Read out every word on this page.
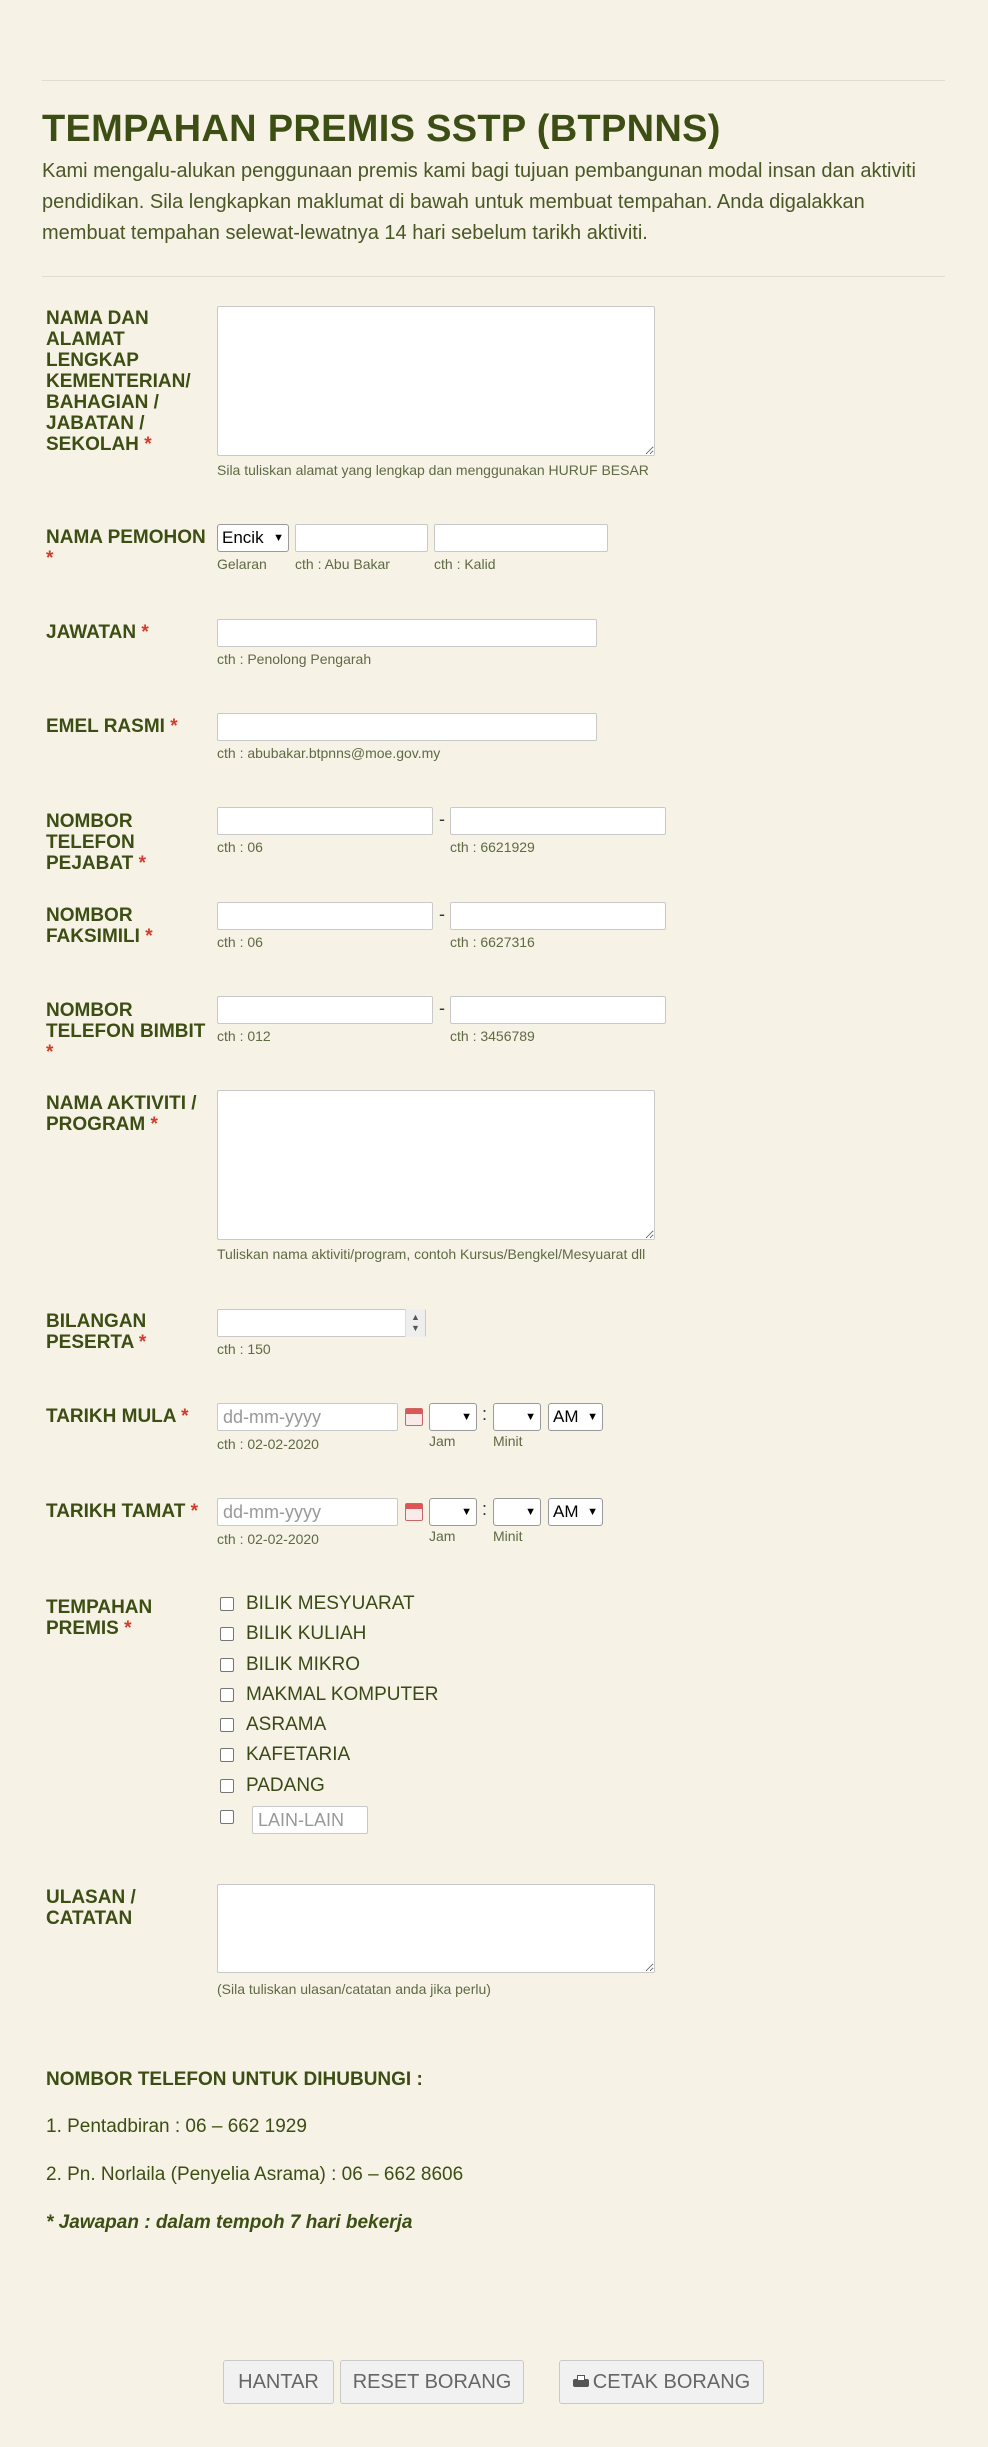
TEMPAHAN PREMIS SSTP (BTPNNS)

Kami mengalu-alukan penggunaan premis kami bagi tujuan pembangunan modal insan dan aktiviti pendidikan. Sila lengkapkan maklumat di bawah untuk membuat tempahan. Anda digalakkan membuat tempahan selewat-lewatnya 14 hari sebelum tarikh aktiviti.

NAMA DAN ALAMAT LENGKAP KEMENTERIAN/ BAHAGIAN / JABATAN / SEKOLAH *
Sila tuliskan alamat yang lengkap dan menggunakan HURUF BESAR
NAMA PEMOHON *
Encik ▼
Gelaran cth : Abu Bakar	cth : Kalid
JAWATAN *
cth : Penolong Pengarah
EMEL RASMI *
cth : abubakar.btpnns@moe.gov.my
NOMBOR TELEFON PEJABAT *
-
cth : 06	cth : 6621929
NOMBOR FAKSIMILI *
-
cth : 06	cth : 6627316
NOMBOR TELEFON BIMBIT *
-
cth : 012	cth : 3456789
NAMA AKTIVITI / PROGRAM *
Tuliskan nama aktiviti/program, contoh Kursus/Bengkel/Mesyuarat dll
BILANGAN PESERTA *
▲
▼
cth : 150
TARIKH MULA *	dd-mm-yyyy	▼ :	▼ AM ▼
cth : 02-02-2020	Jam	Minit
TARIKH TAMAT *	dd-mm-yyyy	▼ :	▼ AM ▼
cth : 02-02-2020	Jam	Minit
TEMPAHAN PREMIS *
BILIK MESYUARAT
BILIK KULIAH
BILIK MIKRO
MAKMAL KOMPUTER
ASRAMA
KAFETARIA
PADANG
LAIN-LAIN
ULASAN / CATATAN
(Sila tuliskan ulasan/catatan anda jika perlu)
NOMBOR TELEFON UNTUK DIHUBUNGI :
1. Pentadbiran : 06 – 662 1929
2. Pn. Norlaila (Penyelia Asrama) : 06 – 662 8606
* Jawapan : dalam tempoh 7 hari bekerja
HANTAR	RESET BORANG	CETAK BORANG
